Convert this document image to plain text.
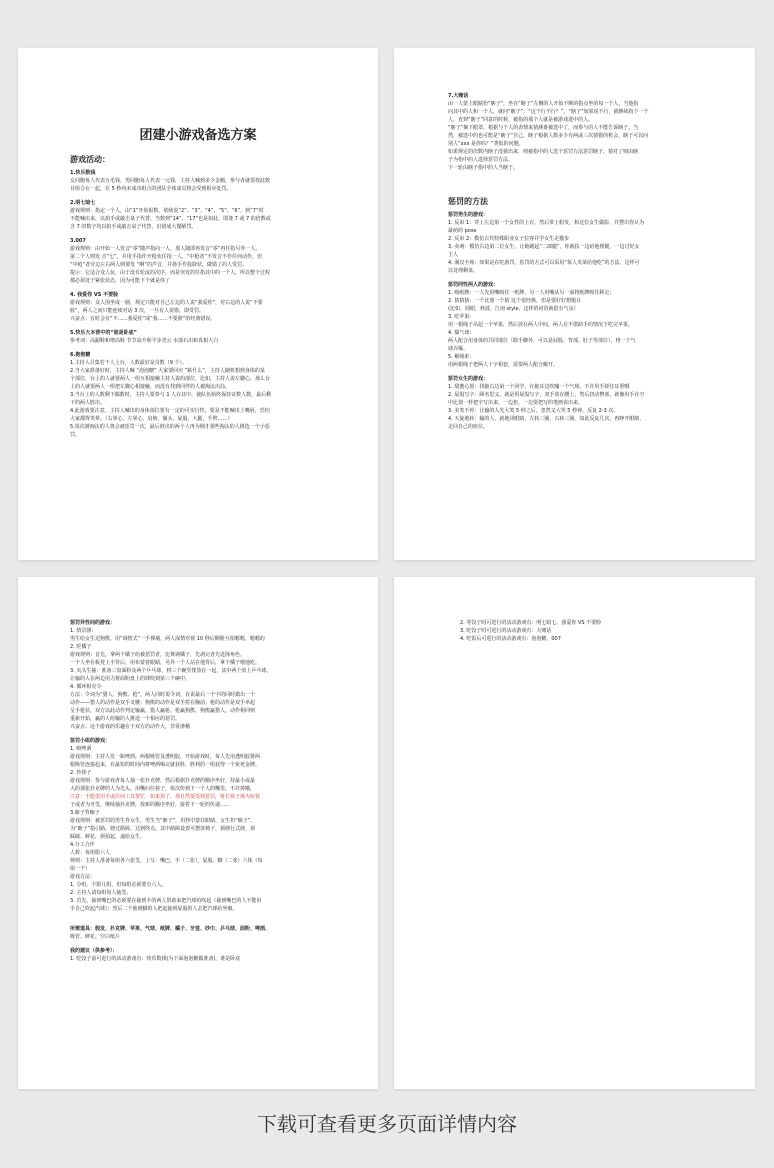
团建小游戏备选方案
游戏活动：
1.快乐数钱
女同胞每人代表五毛钱，男同胞每人代表一元钱，主持人喊到多少金额，参与者就要按此数
目组合在一起，在 5 秒内未成功组合的团队全体成员将会受到相应处罚。
2.明七暗七
游戏规则：指定一个人，由“1”开始报数，依续说“2”、“3”、“4”、“5”、“6”，到“7”时
不能喊出来，以拍手或敲击桌子代替，当数到“14”、“17”也是如此，即逢 7 或 7 的倍数或
含 7 的数字均以拍手或敲击桌子代替，出错成大餐陋罚。
3.007
游戏规则：由开始一人发音“零”随声指向一人，那人随即再发音“零”再任指另外一人，
第二个人则发 音“七”，并用手指作开枪状任指一人，“中枪者”不发音不作任何动作，但
“中枪”者旁边左右两人则要发 “啊”的声音，并扬手作投降状，做错了的人受罚。
提示：它适合众人玩，由于没有轮流的次序，而是突发的任指其中的一个人，所以整个过程
都必须处于紧张状态，因为可能下个就是你了
4. 我爱你 VS 不要脸
游戏规则：众人围坐成一圈，规定只能对自己左边的人说“我爱你”，对右边的人说“不要
脸”，两人之间只能连续对话 3 次，一旦有人说错，即受罚。
兴奋点：有时会有“不……我爱你”或“我……不要脸”的经典错误。
5.快乐大本营中的“谁是卧底”
参考词：高跟鞋和增高鞋 节节高升和平步青云 水落石出和真相大白
6.抱抱糖
1.主持人召集若干人上台，人数最好是奇数（9 个）。
2.当大家准备好时，主持人喊 “泡泡糖” 大家要回应 “粘什么”，主持人随机想到身体的某
个部位，台上的人就要两人一组互相接触主持人说的部位，比如，主持人说左脚心，那么台
上的人就要两人一组把左脚心相接触，而没有找到同伴的人被淘汰出局。
3.当台上的人数剩下偶数时，主持人要参与 1 人在其中，使队伍始终保持奇数人数，最后剩
下的两人胜出。
4.此游戏要注意，主持人喊出的身体部位要有一定的可实行性，要是不能喊出上嘴唇，恐怕
大家都得笑晕。（右掌心，左掌心，肩膀，额头，屁股，大腿，手臂……）
5.每次被淘汰的人将会被惩罚一次，最后胜出的两个人再为刚才那些淘汰的人挑选一个小惩
罚。
7.大赌话
由一人蒙上眼睛扮“瞎子”，坐在“瞎子”左侧的人开始不断的指点坐的每一个人，当他指
向其中的人和一个人，就问“瞎子”：“这个行不行？”，“瞎子”如果说不行，就继续指下一个
人，直到“瞎子”同意的时候，被指的那个人就是被游戏选中的人。
“瞎子”摘下眼罩，根据与个人的表情来猜测谁被选中了，而参与的人不能告诉瞎子。当
然，被选中的也可能是“瞎子”自己，瞎子根据人数多少有两或三次猜错的机会，瞎子可以问
别人“xxx 是你吗？”类似的问题。
如果规定的次数内瞎子没猜出来，则被指中的人选个惩罚方法惩罚瞎子，猜对了则由瞎
子为指中的人选择惩罚方法。
下一轮由瞎子指中的人当瞎子。
惩罚的方法
惩罚男生的游戏：
1. 反串 1：穿上左边第一个女性的上衣，然后带上假发，和这位女生做影，并摆出你认为
最萌的 pose
2. 反串 2：模仿古代特殊职业女子拉客并学女生走猫步
3. 卖萌：模仿右边第二位女生，让她跳起“二郎腿”，你就扶一边给他捶腿，一边讨好女
主人
4. 满汉全席：如果是在吃游罚，惩罚的方式可以采用“每人夹菜给他吃”的方法，这样可
以处理剩菜。
惩罚同性两人的游戏：
1. 吸纸牌：一人先用嘴吸住一纸牌，另一人用嘴从另一面将纸牌吸住移走；
2. 猜猜猜：一个比划一个猜 这个很经典，但是要好好想题目
(比如，圆眼，秋波，江南 style，这样的词语就很有气氛）
3. 吃苹果：
用一根绳子吊起一个苹果，然后放在两人中间，两人在不借助手的情况下吃完苹果。
4. 爆气球：
两人配合用身体的共同部位（除手脚外，可以是屁股、背部、肚子等部位），将一个气
球弄爆。
5. 解绳索：
用两根绳子把两人十字相套，需要两人配合解开。
惩罚女生的游戏：
1. 甜蜜心愿：找她右边第一个同学，在她耳边吹嘘一个气球，不许用手搓住耳垂哦
2. 屁股写字：顾名思义，就是用屁股写字，双手放在腰上，然后扭动臀部，就像用手在空
中比划一样把字写出来，一边扭，一边要把写的笔画说出来。
3. 美笑不停：让输的人先大笑 5 秒之后，忽然又大哭 5 秒钟，反复 2-3 次。
4. 天旋地转：输的人，就地闭眼睛，左转三圈，右转三圈，如此反复几次，再睁开眼睛，
走回自己的座位。
惩罚异性间的游戏：
1. 情景剧：
男生给女生逗狗熊，用“调情式”一手撑墙，两人深情对视 10 秒后侧脸互相嗯嗯，嗯嗯的
2. 吃橘子
游戏规则：首先，拿两个橘子给被惩罚者，比赛剥橘子，先剥完者先选择角色。
一个人坐在板凳上手背后，用布蒙着眼睛，另外一个人站在他背后，拿个橘子喂他吃。
3. 夹头生抽：准备三盘面粉及两个乒乓球，将三个碗竖排放在一起，其中两个放上乒乓球，
让输的人在两边用力将面粉盘上的球吹到第三个碗中。
4. 循环相克令
方法：令词为“猎人、狗熊、枪”，两人同时说令词，在说最后一个字的同时做出一个
动作——猎人的动作是双手叉腰；狗熊的动作是双手搭在胸前；枪的动作是双手举起
呈手枪状，双方以此动作判定输赢，猎人赢枪、枪赢狗熊、狗熊赢猎人，动作相同则
重新开始，赢的人给输的人挑选一个相应的惩罚。
兴奋点：这个游戏的乐趣在于双方的动作大，非常滑稽
惩罚小组的游戏：
1. 吸啤酒
游戏规则：主持人发一瓶啤酒，两根吸管及透明胶，开始游戏时，每人先用透明胶将两
根吸管连接起来，在最短的时间内将啤酒喝完就获胜，胜利的一组获得一个免死金牌。
2. 传筷子
游戏规则：参与游戏者每人抽一张扑克牌，然后根据扑克牌的顺序坐好，持最小或最
大的那张扑克牌的人为先头，用嘴叼住筷子，依次传到下一个人的嘴里，不许掉哦，
注意：不能借用手或任何工具帮忙，如果掉了，那自然要受到惩罚，将长筷子换为短筷
子或者为牙签，继续抽扑克牌，按新的顺序坐好，接着下一轮的传递……
3.瞎子背瘸子
游戏规则：被惩罚的男生背女生，男生当“瞎子”，用抄巾蒙住眼睛，女生扮“瘸子”，
为“瞎子”指引路，绕过路障，达到终点，其中路障设置可摆放椅子，须绕行式绕，须
踩破、鲜花，须拍起，递给女生。
4.分工合作
人数：每组限六人
规则：主持人准备每组各六张签，上写：嘴巴，手（二张），屁股，脚（二张）六体（每
组一个）
游戏方法：
1. 分组，不限几组，但每组必须要有六人。
2. 主持人请每组每人抽签。
3. 首先，抽到嘴巴的必须要在抽到手的两人帮助来把汽球给吹起（抽到嘴巴的人不能用
手自己吹起汽球）；然后二个抽到脚的人把起抽到屁股的人去把汽球给坐破。
所需道具：假发、扑克牌、苹果、气球、纸牌、橘子、牙签、纱巾、乒乓球、面粉、啤酒、
吸管、鲜花、空白纸片
我的建议（供参考）：
1. 吃饺子前可进行的活动游戏有：快乐数钱(为下面泡泡糖做准备)，谁是卧底
2. 等饺子时可进行的活动游戏有：明七暗七、我爱你 VS 不要脸
3. 吃饺子时可进行的活动游戏有：大赌话
4. 吃饭后可进行的活动游戏有：泡泡糖、007
下载可查看更多页面详情内容
